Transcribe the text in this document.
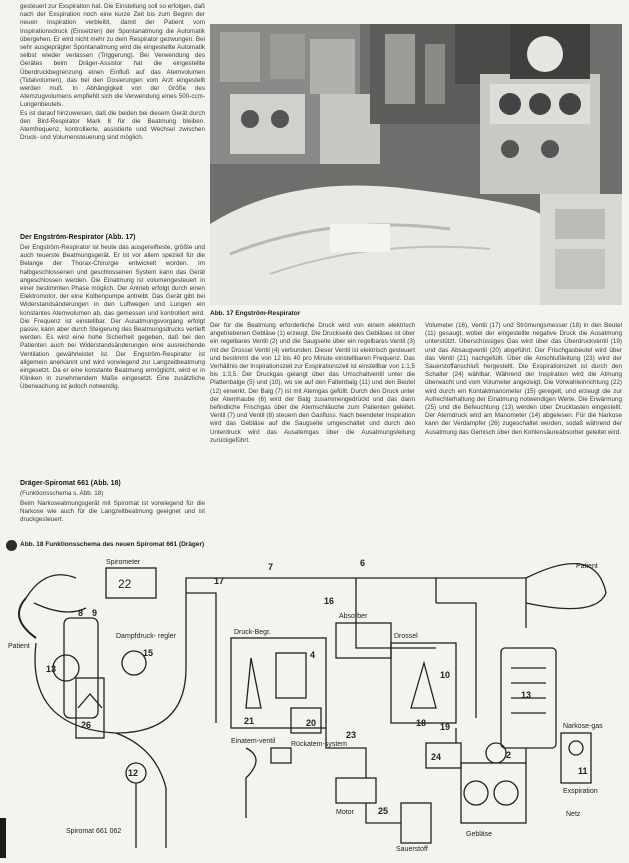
gesteuert zur Exspiration hat. Die Einstellung soll so erfolgen, daß nach der Exspiration noch eine kurze Zeit bis zum Beginn der neuen Inspiration verbleibt, damit der Patient vom Inspirationsdruck (Einsetzen) der Spontanatmung die Automatik übergehen. Er wird nicht mehr zu dem Respirator gezwungen. Bei sehr ausgeprägter Spontanatmung wird die eingestellte Automatik selbst wieder verlassen (Triggerung). Bei Verwendung des Gerätes beim Dräger-Assistor hat die eingestellte Überdruckbegrenzung einen Einfluß auf das Atemvolumen (Tidalvolumen), das bei den Dosierungen vom Arzt eingestellt werden muß. In Abhängigkeit von der Größe des Atemzugvolumens empfiehlt sich die Verwendung eines 500-ccm-Lungenbeutels.
Es ist darauf hinzuweisen, daß die beiden bei diesem Gerät durch den Bird-Respirator Mark 8 für die Beatmung bleiben. Atemfrequenz, kontrollierte, assistierte und Wechsel zwischen Druck- und Volumensteuerung sind möglich.
Der Engström-Respirator (Abb. 17)
Der Engström-Respirator ist heute das ausgereifteste, größte und auch teuerste Beatmungsgerät. Er ist vor allem speziell für die Belange der Thorax-Chirurgie entwickelt worden. Im halbgeschlossenen und geschlossenen System kann das Gerät angeschlossen werden. Die Einatmung ist volumengesteuert in einer bestimmten Phase möglich. Der Antrieb erfolgt durch einen Elektromotor, der eine Kolbenpumpe antreibt. Das Gerät gibt bei Widerstandsänderungen in den Luftwegen und Lungen ein konstantes Atemvolumen ab, das gemessen und kontrolliert wird. Die Frequenz ist einstellbar. Der Ausatmungsvorgang erfolgt passiv, kann aber durch Steigerung des Beatmungsdrucks vertieft werden. Es wird eine hohe Sicherheit gegeben, daß bei den Patienten auch bei Widerstandsänderungen eine ausreichende Ventilation gewährleistet ist. Der Engström-Respirator ist allgemein anerkannt und wird vorwiegend zur Langzeitbeatmung eingesetzt. Da er eine konstante Beatmung ermöglicht, wird er in Kliniken in zunehmendem Maße eingesetzt. Eine zusätzliche Überwachung ist jedoch notwendig.
Dräger-Spiromat 661 (Abb. 18)
(Funktionsschema s. Abb. 18)
Beim Narkoseatmungsgerät mit Spiromat ist vorwiegend für die Narkose wie auch für die Langzeitbeatmung geeignet und ist druckgesteuert.
Abb. 17 Engström-Respirator
Der für die Beatmung erforderliche Druck wird von einem elektrisch angetriebenen Gebläse (1) erzeugt. Die Druckseite des Gebläses ist über ein regelbares Ventil (2) und die Saugseite über ein regelbares Ventil (3) mit der Drossel Ventil (4) verbunden. Dieser Ventil ist elektrisch gesteuert und bestimmt die von 12 bis 40 pro Minute einstellbaren Frequenz. Das Verhältnis der Inspirationszeit zur Exspirationszeit ist einstellbar von 1:1,5 bis 1:3,5. Der Druckgas gelangt über das Umschaltventil unter die Plattenbalge (5) und (10), wo sie auf den Faltenbalg (11) und den Beutel (12) einwirkt. Der Balg (7) ist mit Atemgas gefüllt. Durch den Druck unter der Atemhaube (6) wird der Balg zusammengedrückt und das darin befindliche Frischgas über die Atemschläuche zum Patienten geleitet. Ventil (7) und Ventil (8) steuern den Gasfluss. Nach beendeter Inspiration wird das Gebläse auf die Saugseite umgeschaltet und durch den Unterdruck wird das Ausatemgas über die Ausatmungsleitung zurückgeführt.
Volumeter (16), Ventil (17) und Strömungsmesser (18) in den Beutel (11) gesaugt, wobei der eingestellte negative Druck die Ausatmung unterstützt. Überschüssiges Gas wird über das Überdruckventil (19) und das Absaugventil (20) abgeführt. Der Frischgasbeutel wird über das Ventil (21) nachgefüllt. Über die Anschlußleitung (23) wird der Sauerstoffanschluß hergestellt. Die Exspirationszeit ist durch den Schalter (24) wählbar. Während der Inspiration wird die Atmung überwacht und vom Volumeter angezeigt. Die Vorwahleinrichtung (22) wird durch ein Kontaktmanometer (15) geregelt, und erzeugt die zur Aufrechterhaltung der Einatmung notwendigen Werte. Die Erwärmung (25) und die Befeuchtung (13) werden über Drucktasten eingestellt. Der Atemdruck wird am Manometer (14) abgelesen. Für die Narkose kann der Verdampfer (26) zugeschaltet werden, sodaß während der Ausatmung das Gemisch über den Kohlensäureabsorber geleitet wird.
Abb. 18 Funktionsschema des neuen Spiromat 661 (Dräger)
22
Spirometer
Patient
Dampfdruck- regler
Druck-Begr.
Absorber
Drossel
Patient
Narkose-gas
Exspiration
Gebläse
Einatem-ventil Rückatem-system
Motor
Sauerstoff
Netz
Spiromat 661 062
13
26
8 9
15
17
7	6
16
4
21	20
10
13
18 19
23
2
24
25
11
12
